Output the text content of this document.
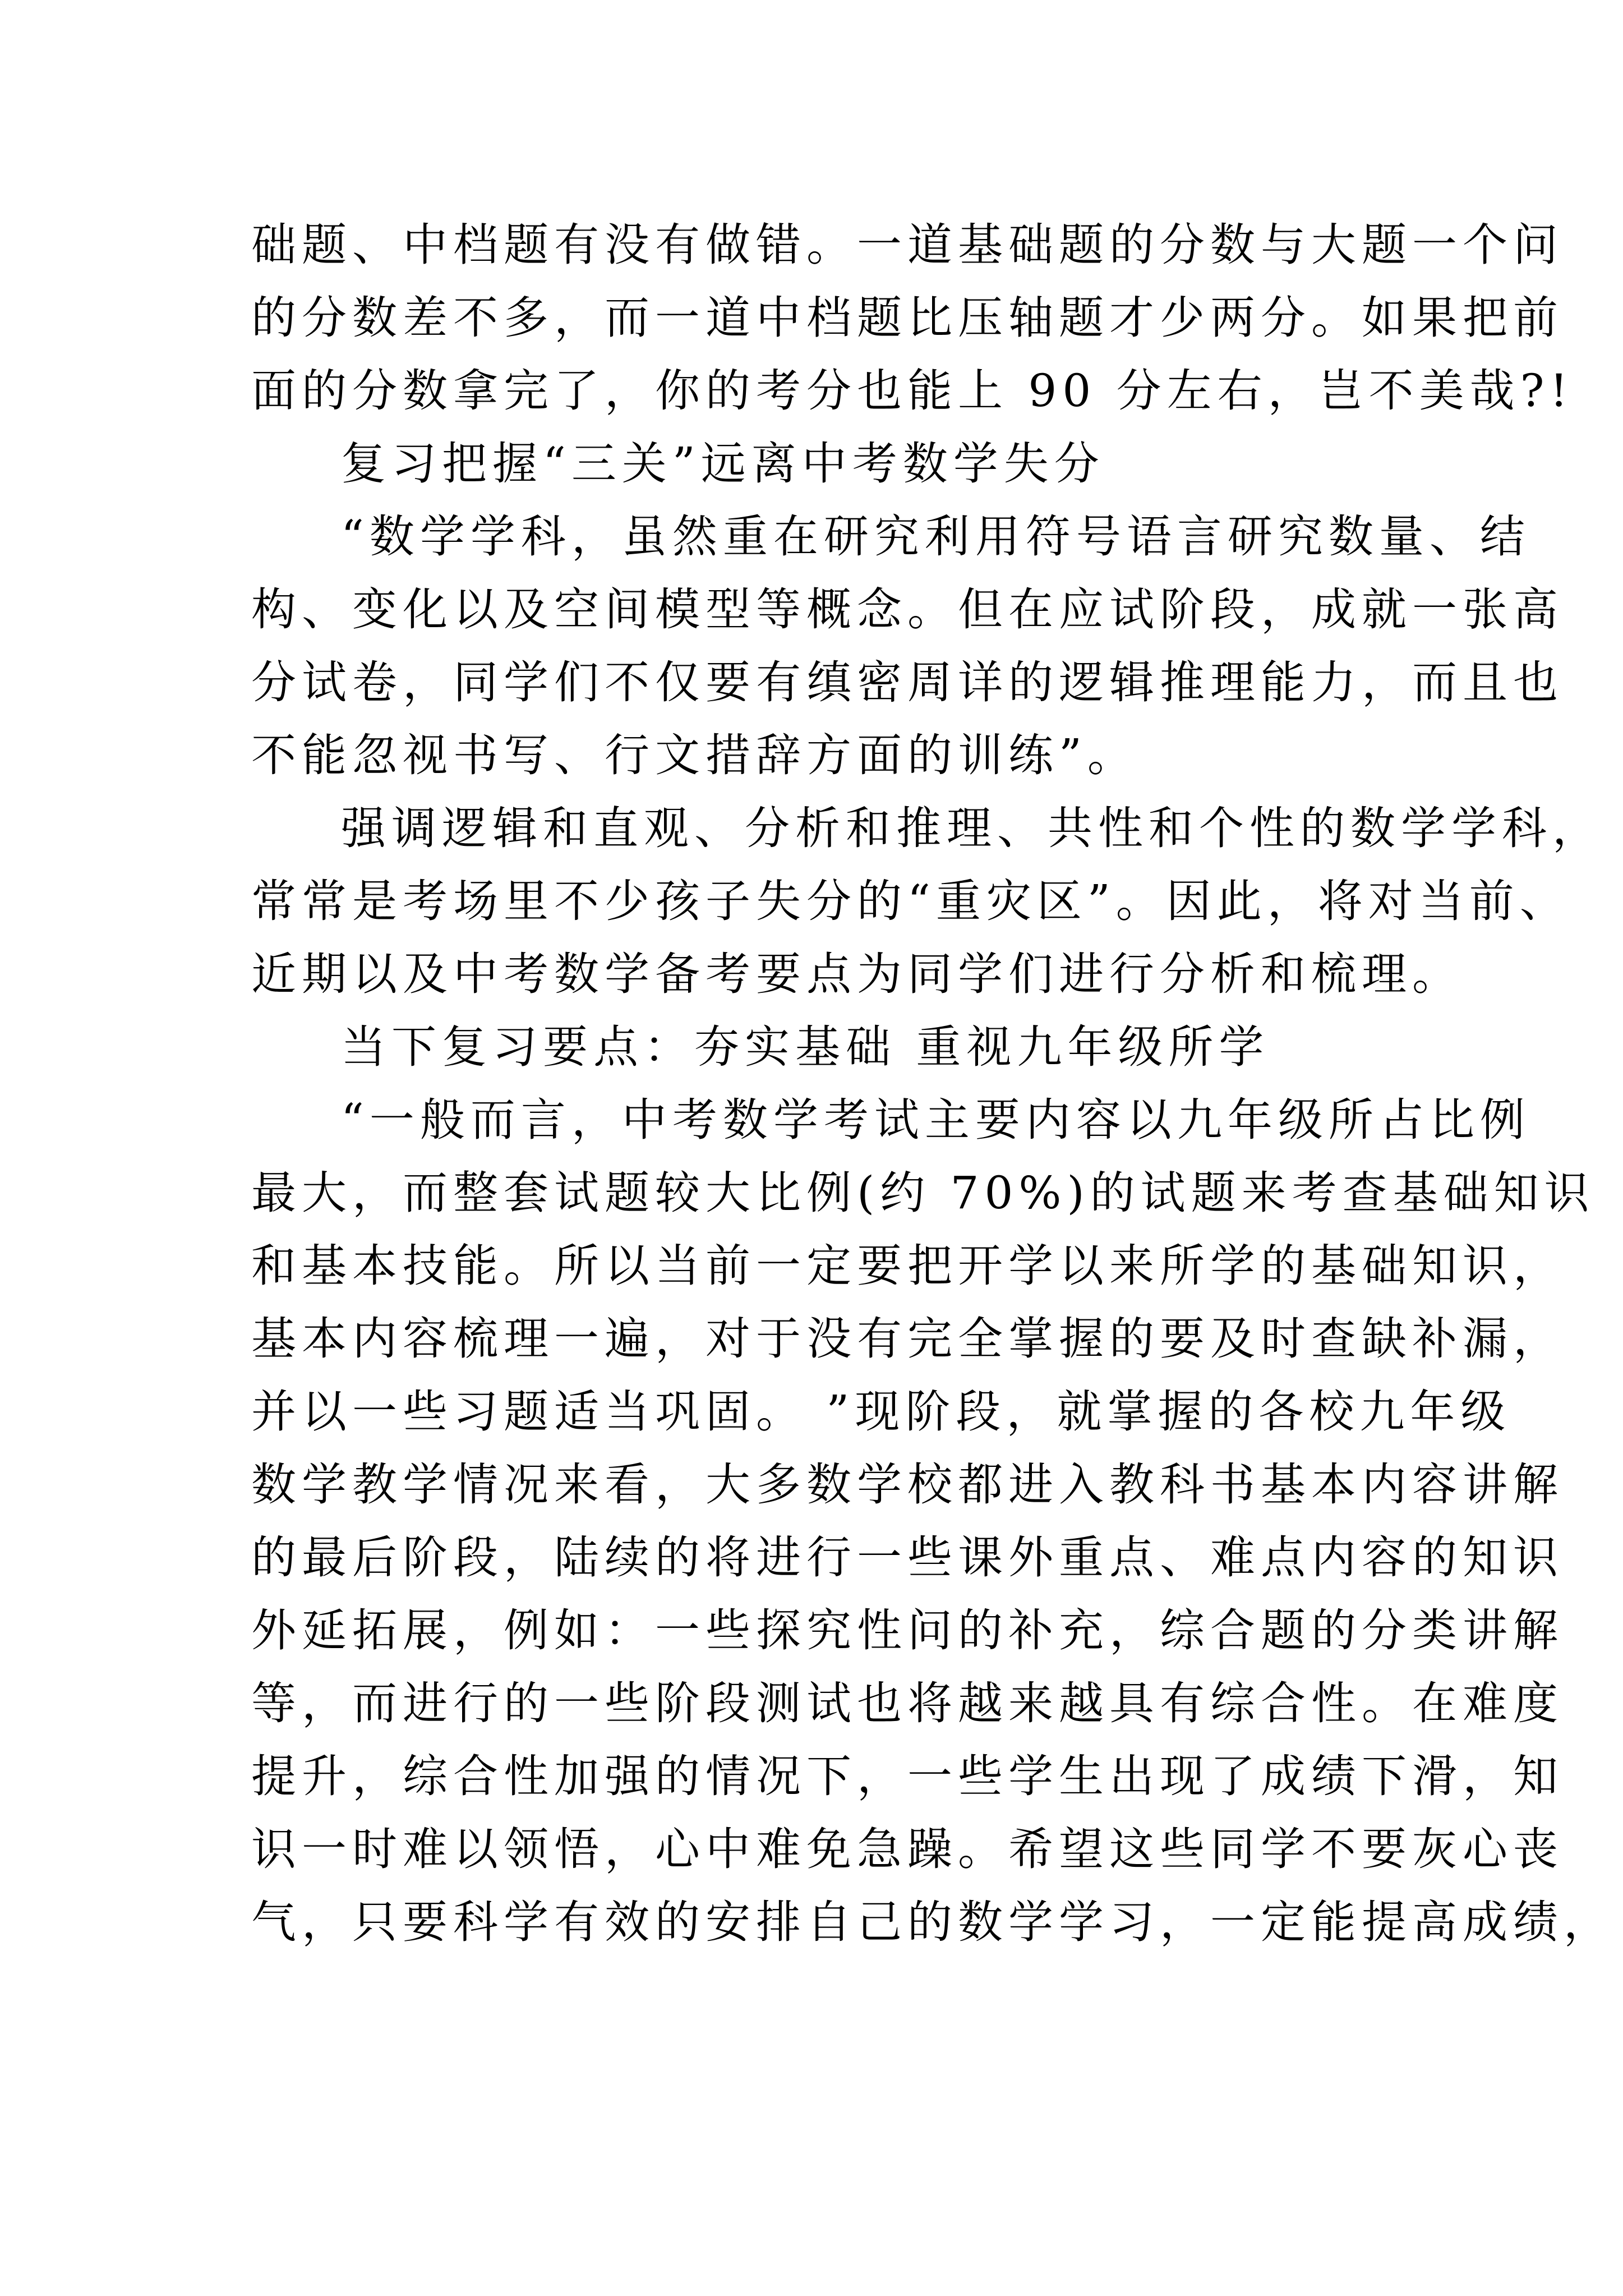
础题、中档题有没有做错。一道基础题的分数与大题一个问
的分数差不多，而一道中档题比压轴题才少两分。如果把前
面的分数拿完了，你的考分也能上 90 分左右，岂不美哉?!
复习把握“三关”远离中考数学失分
“数学学科，虽然重在研究利用符号语言研究数量、结
构、变化以及空间模型等概念。但在应试阶段，成就一张高
分试卷，同学们不仅要有缜密周详的逻辑推理能力，而且也
不能忽视书写、行文措辞方面的训练”。
强调逻辑和直观、分析和推理、共性和个性的数学学科，
常常是考场里不少孩子失分的“重灾区”。因此，将对当前、
近期以及中考数学备考要点为同学们进行分析和梳理。
当下复习要点：夯实基础 重视九年级所学
“一般而言，中考数学考试主要内容以九年级所占比例
最大，而整套试题较大比例(约 70%)的试题来考查基础知识
和基本技能。所以当前一定要把开学以来所学的基础知识，
基本内容梳理一遍，对于没有完全掌握的要及时查缺补漏，
并以一些习题适当巩固。 ”现阶段，就掌握的各校九年级
数学教学情况来看，大多数学校都进入教科书基本内容讲解
的最后阶段，陆续的将进行一些课外重点、难点内容的知识
外延拓展，例如：一些探究性问的补充，综合题的分类讲解
等，而进行的一些阶段测试也将越来越具有综合性。在难度
提升，综合性加强的情况下，一些学生出现了成绩下滑，知
识一时难以领悟，心中难免急躁。希望这些同学不要灰心丧
气，只要科学有效的安排自己的数学学习，一定能提高成绩，
